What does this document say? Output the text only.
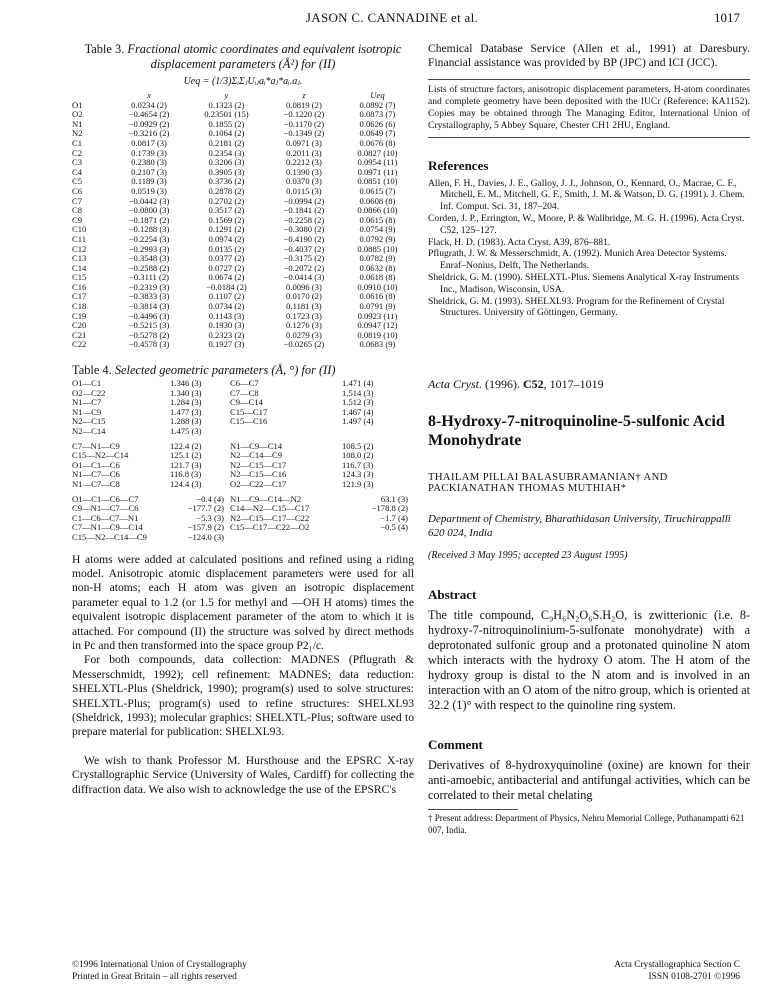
JASON C. CANNADINE et al.	1017
Table 3. Fractional atomic coordinates and equivalent isotropic displacement parameters (Å²) for (II)
Ueq = (1/3)ΣᵢΣⱼUᵢⱼaᵢ*aⱼ*aᵢ.aⱼ.
	x	y	z	Ueq
O1	0.0234 (2)	0.1323 (2)	0.0819 (2)	0.0892 (7)
O2	−0.4654 (2)	0.23501 (15)	−0.1220 (2)	0.0873 (7)
N1	−0.0929 (2)	0.1855 (2)	−0.1170 (2)	0.0626 (6)
N2	−0.3216 (2)	0.1064 (2)	−0.1349 (2)	0.0649 (7)
C1	0.0817 (3)	0.2181 (2)	0.0971 (3)	0.0676 (8)
C2	0.1739 (3)	0.2354 (3)	0.2011 (3)	0.0827 (10)
C3	0.2380 (3)	0.3206 (3)	0.2212 (3)	0.0954 (11)
C4	0.2107 (3)	0.3905 (3)	0.1390 (3)	0.0971 (11)
C5	0.1189 (3)	0.3736 (2)	0.0370 (3)	0.0851 (10)
C6	0.0519 (3)	0.2878 (2)	0.0115 (3)	0.0615 (7)
C7	−0.0442 (3)	0.2702 (2)	−0.0994 (2)	0.0608 (8)
C8	−0.0800 (3)	0.3517 (2)	−0.1841 (2)	0.0866 (10)
C9	−0.1871 (2)	0.1569 (2)	−0.2258 (2)	0.0615 (8)
C10	−0.1288 (3)	0.1291 (2)	−0.3080 (2)	0.0754 (9)
C11	−0.2254 (3)	0.0974 (2)	−0.4190 (2)	0.0792 (9)
C12	−0.2993 (3)	0.0135 (2)	−0.4037 (2)	0.0885 (10)
C13	−0.3548 (3)	0.0377 (2)	−0.3175 (2)	0.0782 (9)
C14	−0.2588 (2)	0.0727 (2)	−0.2072 (2)	0.0632 (8)
C15	−0.3111 (2)	0.0674 (2)	−0.0414 (3)	0.0618 (8)
C16	−0.2319 (3)	−0.0184 (2)	0.0096 (3)	0.0910 (10)
C17	−0.3833 (3)	0.1107 (2)	0.0170 (2)	0.0616 (8)
C18	−0.3814 (3)	0.0734 (2)	0.1181 (3)	0.0791 (9)
C19	−0.4496 (3)	0.1143 (3)	0.1723 (3)	0.0923 (11)
C20	−0.5215 (3)	0.1930 (3)	0.1276 (3)	0.0947 (12)
C21	−0.5278 (2)	0.2323 (2)	0.0279 (3)	0.0819 (10)
C22	−0.4578 (3)	0.1927 (3)	−0.0265 (2)	0.0683 (9)
Table 4. Selected geometric parameters (Å, °) for (II)
O1—C1	1.346 (3)	C6—C7	1.471 (4)
O2—C22	1.340 (3)	C7—C8	1.514 (3)
N1—C7	1.284 (3)	C9—C14	1.512 (3)
N1—C9	1.477 (3)	C15—C17	1.467 (4)
N2—C15	1.288 (3)	C15—C16	1.497 (4)
N2—C14	1.475 (3)		

C7—N1—C9	122.4 (2)	N1—C9—C14	108.5 (2)
C15—N2—C14	125.1 (2)	N2—C14—C9	108.0 (2)
O1—C1—C6	121.7 (3)	N2—C15—C17	116.7 (3)
N1—C7—C6	116.8 (3)	N2—C15—C16	124.3 (3)
N1—C7—C8	124.4 (3)	O2—C22—C17	121.9 (3)

O1—C1—C6—C7	−0.4 (4)	N1—C9—C14—N2	63.1 (3)
C9—N1—C7—C6	−177.7 (2)	C14—N2—C15—C17	−178.8 (2)
C1—C6—C7—N1	−5.3 (3)	N2—C15—C17—C22	−1.7 (4)
C7—N1—C9—C14	−157.9 (2)	C15—C17—C22—O2	−0.5 (4)
C15—N2—C14—C9	−124.0 (3)		

H atoms were added at calculated positions and refined using a riding model. Anisotropic atomic displacement parameters were used for all non-H atoms; each H atom was given an isotropic displacement parameter equal to 1.2 (or 1.5 for methyl and —OH H atoms) times the equivalent isotropic displacement parameter of the atom to which it is attached. For compound (II) the structure was solved by direct methods in Pc and then transformed into the space group P2₁/c.

For both compounds, data collection: MADNES (Pflugrath & Messerschmidt, 1992); cell refinement: MADNES; data reduction: SHELXTL-Plus (Sheldrick, 1990); program(s) used to solve structures: SHELXTL-Plus; program(s) used to refine structures: SHELXL93 (Sheldrick, 1993); molecular graphics: SHELXTL-Plus; software used to prepare material for publication: SHELXL93.

We wish to thank Professor M. Hursthouse and the EPSRC X-ray Crystallographic Service (University of Wales, Cardiff) for collecting the diffraction data. We also wish to acknowledge the use of the EPSRC's

Chemical Database Service (Allen et al., 1991) at Daresbury. Financial assistance was provided by BP (JPC) and ICI (JCC).

Lists of structure factors, anisotropic displacement parameters, H-atom coordinates and complete geometry have been deposited with the IUCr (Reference: KA1152). Copies may be obtained through The Managing Editor, International Union of Crystallography, 5 Abbey Square, Chester CH1 2HU, England.

References

Allen, F. H., Davies, J. E., Galloy, J. J., Johnson, O., Kennard, O., Macrae, C. F., Mitchell, E. M., Mitchell, G. F., Smith, J. M. & Watson, D. G. (1991). J. Chem. Inf. Comput. Sci. 31, 187–204.

Corden, J. P., Errington, W., Moore, P. & Wallbridge, M. G. H. (1996). Acta Cryst. C52, 125–127.

Flack, H. D. (1983). Acta Cryst. A39, 876–881.

Pflugrath, J. W. & Messerschmidt, A. (1992). Munich Area Detector Systems. Enraf–Nonius, Delft, The Netherlands.

Sheldrick, G. M. (1990). SHELXTL-Plus. Siemens Analytical X-ray Instruments Inc., Madison, Wisconsin, USA.

Sheldrick, G. M. (1993). SHELXL93. Program for the Refinement of Crystal Structures. University of Göttingen, Germany.

Acta Cryst. (1996). C52, 1017–1019
8-Hydroxy-7-nitroquinoline-5-sulfonic Acid Monohydrate
THAILAM PILLAI BALASUBRAMANIAN† AND PACKIANATHAN THOMAS MUTHIAH*
Department of Chemistry, Bharathidasan University, Tiruchirappalli 620 024, India
(Received 3 May 1995; accepted 23 August 1995)
Abstract

The title compound, C₉H₆N₂O₆S.H₂O, is zwitterionic (i.e. 8-hydroxy-7-nitroquinolinium-5-sulfonate monohydrate) with a deprotonated sulfonic group and a protonated quinoline N atom which interacts with the hydroxy O atom. The H atom of the hydroxy group is distal to the N atom and is involved in an interaction with an O atom of the nitro group, which is oriented at 32.2 (1)° with respect to the quinoline ring system.

Comment

Derivatives of 8-hydroxyquinoline (oxine) are known for their anti-amoebic, antibacterial and antifungal activities, which can be correlated to their metal chelating

† Present address: Department of Physics, Nehru Memorial College, Puthanampatti 621 007, India.
©1996 International Union of Crystallography
Printed in Great Britain – all rights reserved
Acta Crystallographica Section C
ISSN 0108-2701 ©1996
